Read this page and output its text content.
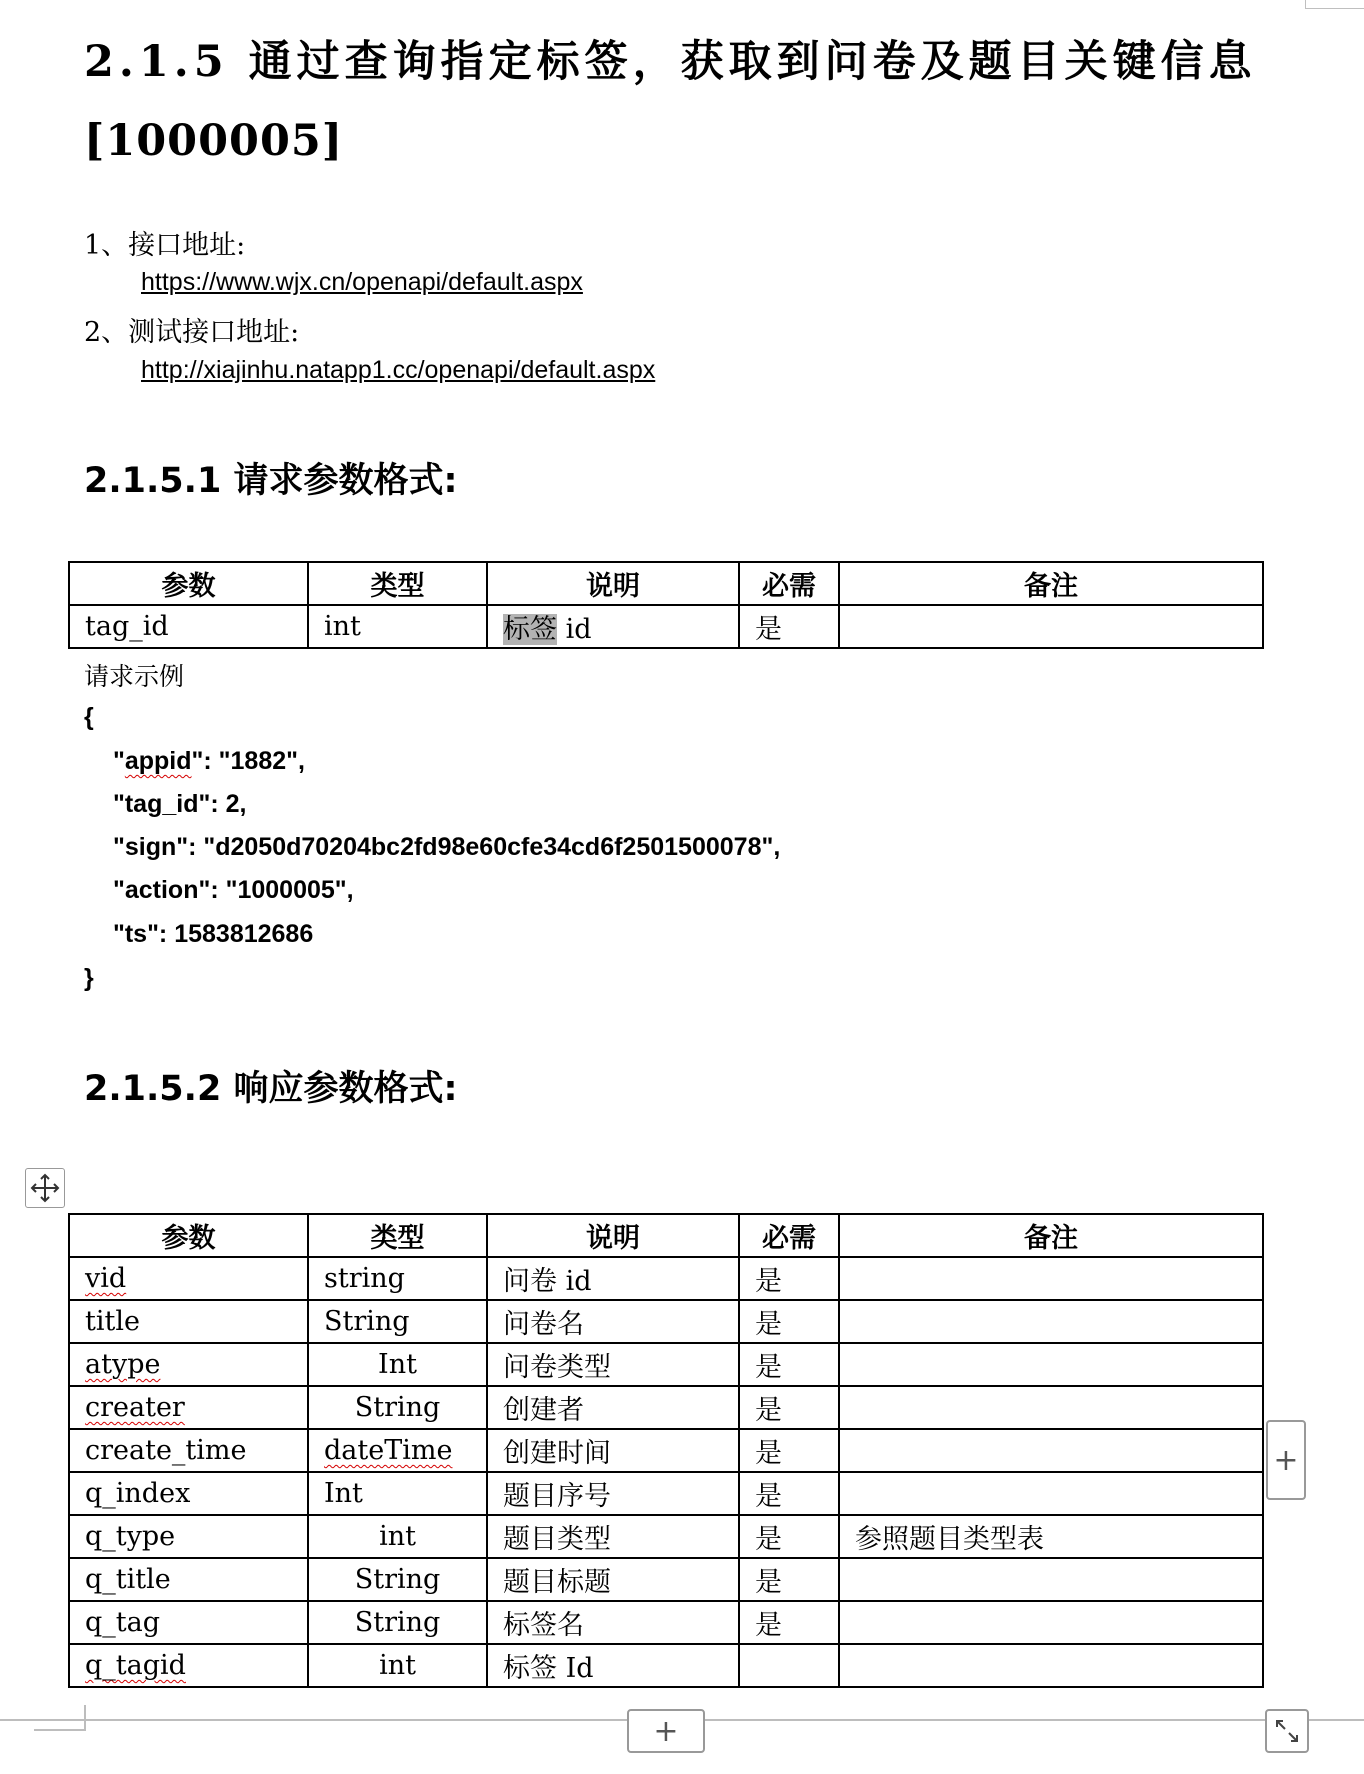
2.1.5 通过查询指定标签，获取到问卷及题目关键信息
[1000005]
1、接口地址:
https://www.wjx.cn/openapi/default.aspx
2、测试接口地址:
http://xiajinhu.natapp1.cc/openapi/default.aspx
2.1.5.1 请求参数格式:
参数	类型	说明	必需	备注
tag_id	int	标签 id	是	
请求示例
{
"appid": "1882",
"tag_id": 2,
"sign": "d2050d70204bc2fd98e60cfe34cd6f2501500078",
"action": "1000005",
"ts": 1583812686
}
2.1.5.2 响应参数格式:
参数	类型	说明	必需	备注
vid	string	问卷 id	是	
title	String	问卷名	是	
atype	Int	问卷类型	是	
creater	String	创建者	是	
create_time	dateTime	创建时间	是	
q_index	Int	题目序号	是	
q_type	int	题目类型	是	参照题目类型表
q_title	String	题目标题	是	
q_tag	String	标签名	是	
q_tagid	int	标签 Id		
+
+
